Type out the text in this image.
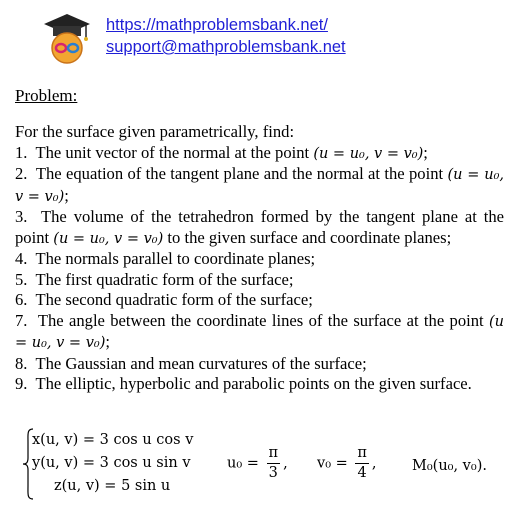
https://mathproblemsbank.net/
support@mathproblemsbank.net
Problem:

For the surface given parametrically, find:

1. The unit vector of the normal at the point (u = u₀, v = v₀);

2. The equation of the tangent plane and the normal at the point (u = u₀, v = v₀);

3. The volume of the tetrahedron formed by the tangent plane at the point (u = u₀, v = v₀) to the given surface and coordinate planes;

4. The normals parallel to coordinate planes;

5. The first quadratic form of the surface;

6. The second quadratic form of the surface;

7. The angle between the coordinate lines of the surface at the point (u = u₀, v = v₀);

8. The Gaussian and mean curvatures of the surface;

9. The elliptic, hyperbolic and parabolic points on the given surface.

x(u, v) = 3 cos u cos v
y(u, v) = 3 cos u sin v
z(u, v) = 5 sin u
$u_0 = \frac{\pi}{3}$ , $v_0 = \frac{\pi}{4}$ , M₀(u₀, v₀).
